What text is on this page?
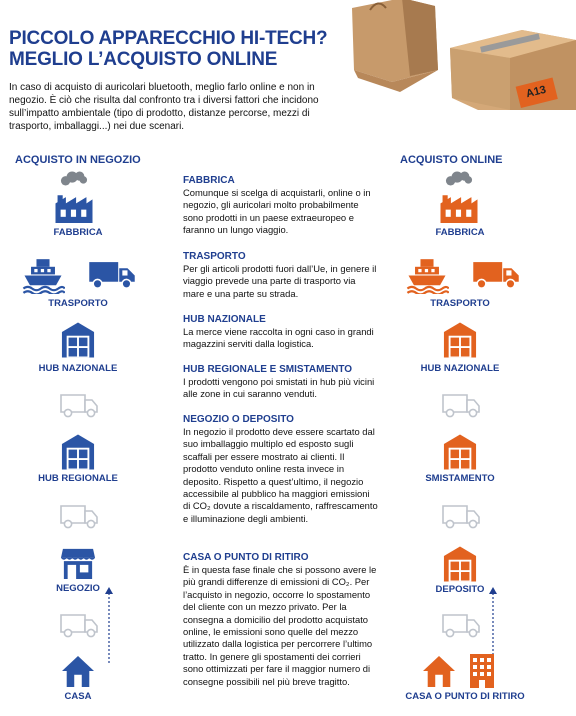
A13
PICCOLO APPARECCHIO HI-TECH?
MEGLIO L’ACQUISTO ONLINE
In caso di acquisto di auricolari bluetooth, meglio farlo online e non in negozio. È ciò che risulta dal confronto tra i diversi fattori che incidono sull’impatto ambientale (tipo di prodotto, distanze percorse, mezzi di trasporto, imballaggi...) nei due scenari.
ACQUISTO IN NEGOZIO	ACQUISTO ONLINE
FABBRICA
TRASPORTO
HUB NAZIONALE
HUB REGIONALE
NEGOZIO
CASA
FABBRICA
TRASPORTO
HUB NAZIONALE
SMISTAMENTO
DEPOSITO
CASA O PUNTO DI RITIRO
FABBRICA
Comunque si scelga di acquistarli, online o in negozio, gli auricolari molto probabilmente sono prodotti in un paese extraeuropeo e faranno un lungo viaggio.
TRASPORTO
Per gli articoli prodotti fuori dall’Ue, in genere il viaggio prevede una parte di trasporto via mare e una parte su strada.
HUB NAZIONALE
La merce viene raccolta in ogni caso in grandi magazzini serviti dalla logistica.
HUB REGIONALE E SMISTAMENTO
I prodotti vengono poi smistati in hub più vicini alle zone in cui saranno venduti.
NEGOZIO O DEPOSITO
In negozio il prodotto deve essere scartato dal suo imballaggio multiplo ed esposto sugli scaffali per essere mostrato ai clienti. Il prodotto venduto online resta invece in deposito. Rispetto a quest’ultimo, il negozio accessibile al pubblico ha maggiori emissioni di CO₂ dovute a riscaldamento, raffrescamento e illuminazione degli ambienti.
CASA O PUNTO DI RITIRO
È in questa fase finale che si possono avere le più grandi differenze di emissioni di CO₂. Per l’acquisto in negozio, occorre lo spostamento del cliente con un mezzo privato. Per la consegna a domicilio del prodotto acquistato online, le emissioni sono quelle del mezzo utilizzato dalla logistica per percorrere l’ultimo tratto. In genere gli spostamenti dei corrieri sono ottimizzati per fare il maggior numero di consegne possibili nel più breve tragitto.
